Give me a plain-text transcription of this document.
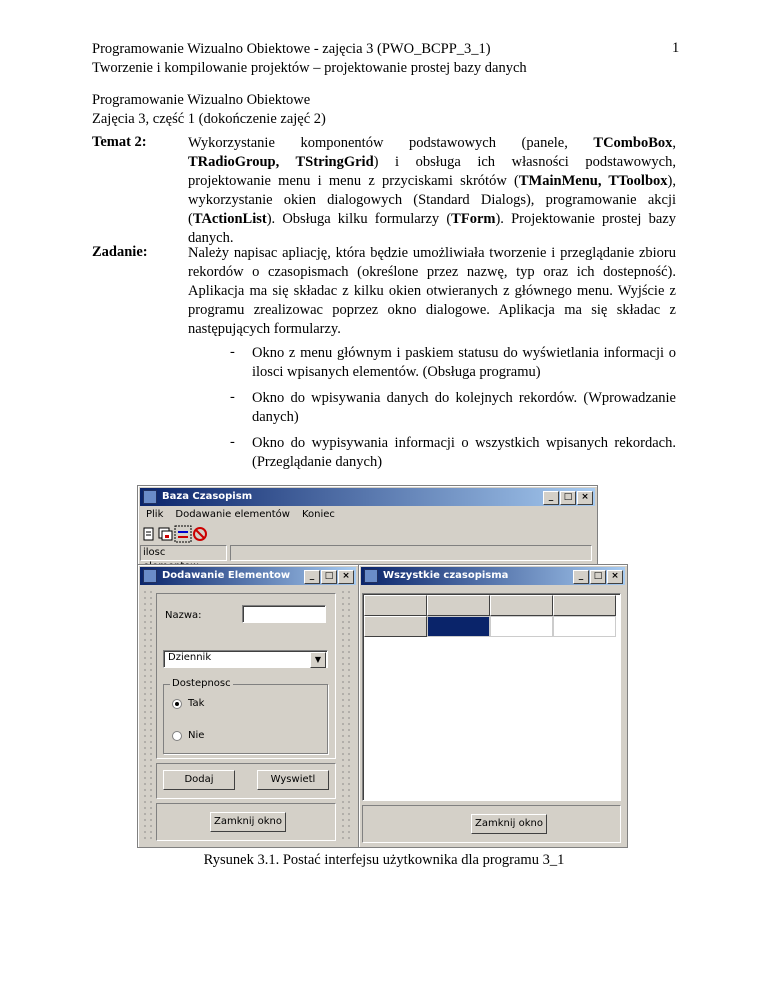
Programowanie Wizualno Obiektowe - zajęcia 3 (PWO_BCPP_3_1)
Tworzenie i kompilowanie projektów – projektowanie prostej bazy danych
1
Programowanie Wizualno Obiektowe
Zajęcia 3, część 1 (dokończenie zajęć 2)
Temat 2:	Wykorzystanie komponentów podstawowych (panele, TComboBox, TRadioGroup, TStringGrid) i obsługa ich własności podstawowych, projektowanie menu i menu z przyciskami skrótów (TMainMenu, TToolbox), wykorzystanie okien dialogowych (Standard Dialogs), programowanie akcji (TActionList). Obsługa kilku formularzy (TForm). Projektowanie prostej bazy danych.
Zadanie:	Należy napisac apliację, która będzie umożliwiała tworzenie i przeglądanie zbioru rekordów o czasopismach (określone przez nazwę, typ oraz ich dostepność). Aplikacja ma się składac z kilku okien otwieranych z głównego menu. Wyjście z programu zrealizowac poprzez okno dialogowe. Aplikacja ma się składac z następujących formularzy.
- Okno z menu głównym i paskiem statusu do wyświetlania informacji o ilosci wpisanych elementów. (Obsługa programu)
- Okno do wpisywania danych do kolejnych rekordów. (Wprowadzanie danych)
- Okno do wypisywania informacji o wszystkich wpisanych rekordach. (Przeglądanie danych)
Baza Czasopism	_	□ ×
Plik Dodawanie elementów Koniec
ilosc
Dodawanie Elementow	_	□ ×
Nazwa:
Dziennik	▼
Dostepnosc
Tak
Nie
Dodaj	Wyswietl
Zamknij okno
Wszystkie czasopisma	_	□ ×
Zamknij okno
Rysunek 3.1. Postać interfejsu użytkownika dla programu 3_1
